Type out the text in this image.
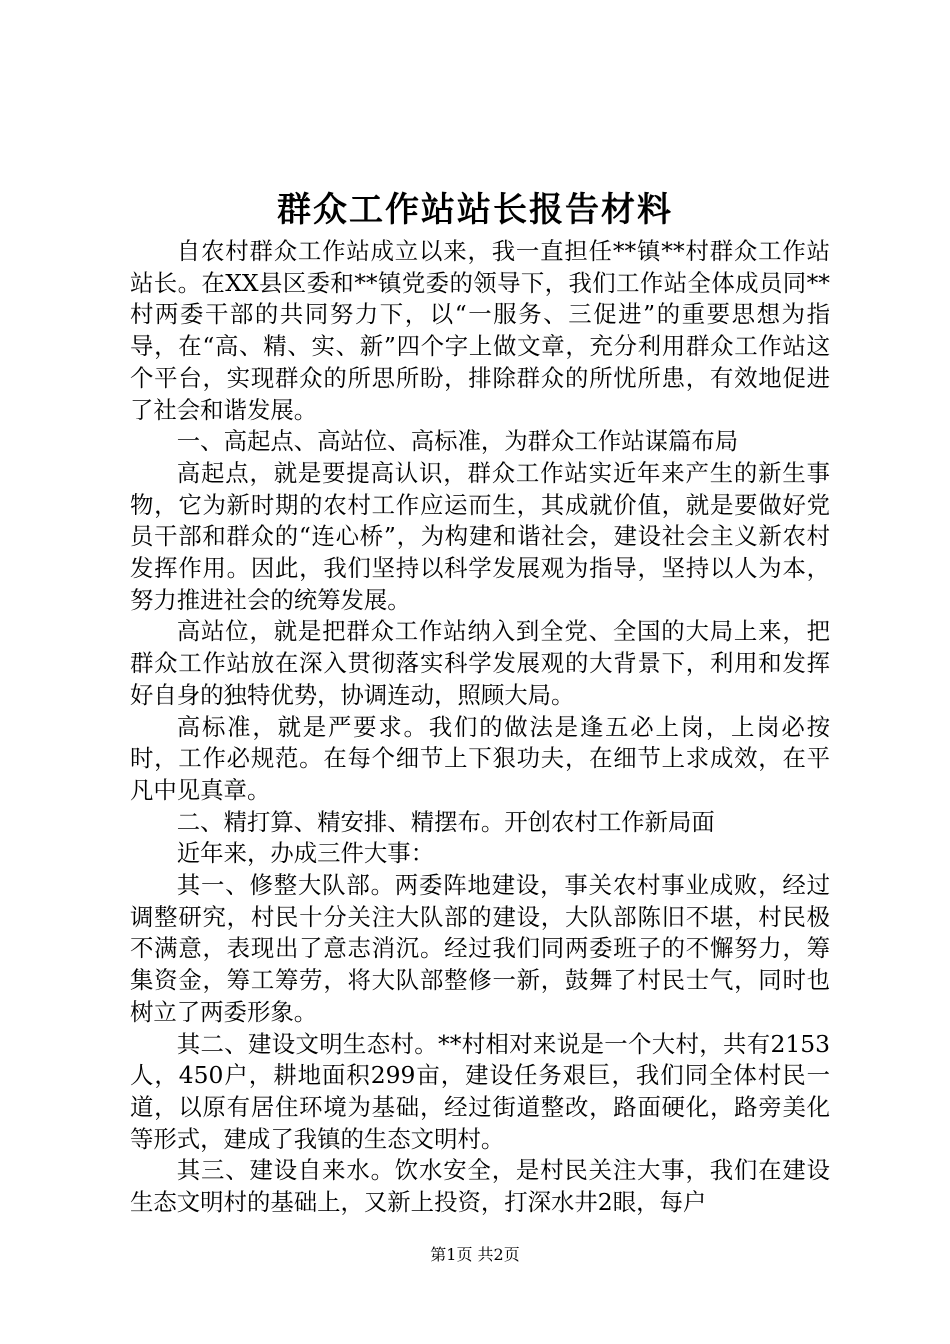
群众工作站站长报告材料

自农村群众工作站成立以来，我一直担任**镇**村群众工作站站长。在XX县区委和**镇党委的领导下，我们工作站全体成员同**村两委干部的共同努力下，以“一服务、三促进”的重要思想为指导，在“高、精、实、新”四个字上做文章，充分利用群众工作站这个平台，实现群众的所思所盼，排除群众的所忧所患，有效地促进了社会和谐发展。

一、高起点、高站位、高标准，为群众工作站谋篇布局

高起点，就是要提高认识，群众工作站实近年来产生的新生事物，它为新时期的农村工作应运而生，其成就价值，就是要做好党员干部和群众的“连心桥”，为构建和谐社会，建设社会主义新农村发挥作用。因此，我们坚持以科学发展观为指导，坚持以人为本，努力推进社会的统筹发展。

高站位，就是把群众工作站纳入到全党、全国的大局上来，把群众工作站放在深入贯彻落实科学发展观的大背景下，利用和发挥好自身的独特优势，协调连动，照顾大局。

高标准，就是严要求。我们的做法是逢五必上岗，上岗必按时，工作必规范。在每个细节上下狠功夫，在细节上求成效，在平凡中见真章。

二、精打算、精安排、精摆布。开创农村工作新局面

近年来，办成三件大事：

其一、修整大队部。两委阵地建设，事关农村事业成败，经过调整研究，村民十分关注大队部的建设，大队部陈旧不堪，村民极不满意，表现出了意志消沉。经过我们同两委班子的不懈努力，筹集资金，筹工筹劳，将大队部整修一新，鼓舞了村民士气，同时也树立了两委形象。

其二、建设文明生态村。**村相对来说是一个大村，共有2153人，450户，耕地面积299亩，建设任务艰巨，我们同全体村民一道，以原有居住环境为基础，经过街道整改，路面硬化，路旁美化等形式，建成了我镇的生态文明村。

其三、建设自来水。饮水安全，是村民关注大事，我们在建设生态文明村的基础上，又新上投资，打深水井2眼，每户

第1页 共2页
